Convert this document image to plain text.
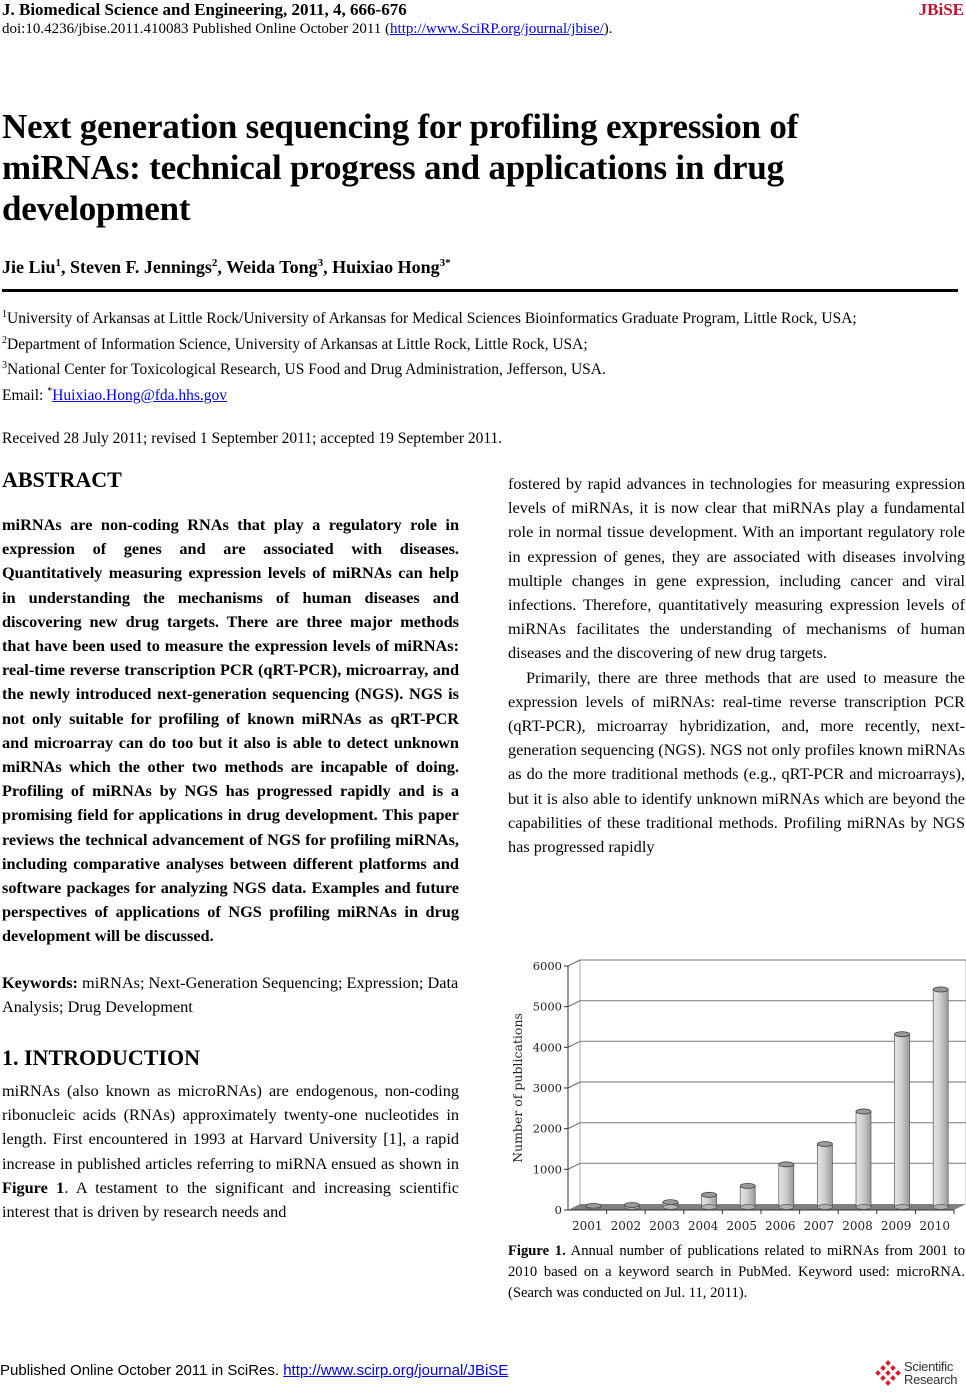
J. Biomedical Science and Engineering, 2011, 4, 666-676	JBiSE
doi:10.4236/jbise.2011.410083 Published Online October 2011 (http://www.SciRP.org/journal/jbise/).
Next generation sequencing for profiling expression of miRNAs: technical progress and applications in drug development
Jie Liu$^1$, Steven F. Jennings$^2$, Weida Tong$^3$, Huixiao Hong$^{3*}$
$^1$University of Arkansas at Little Rock/University of Arkansas for Medical Sciences Bioinformatics Graduate Program, Little Rock, USA;
$^2$Department of Information Science, University of Arkansas at Little Rock, Little Rock, USA;
$^3$National Center for Toxicological Research, US Food and Drug Administration, Jefferson, USA.
Email: *Huixiao.Hong@fda.hhs.gov
Received 28 July 2011; revised 1 September 2011; accepted 19 September 2011.
ABSTRACT
miRNAs are non-coding RNAs that play a regulatory role in expression of genes and are associated with diseases. Quantitatively measuring expression levels of miRNAs can help in understanding the mechanisms of human diseases and discovering new drug targets. There are three major methods that have been used to measure the expression levels of miRNAs: real-time reverse transcription PCR (qRT-PCR), microarray, and the newly introduced next-generation sequencing (NGS). NGS is not only suitable for profiling of known miRNAs as qRT-PCR and microarray can do too but it also is able to detect unknown miRNAs which the other two methods are incapable of doing. Profiling of miRNAs by NGS has progressed rapidly and is a promising field for applications in drug development. This paper reviews the technical advancement of NGS for profiling miRNAs, including comparative analyses between different platforms and software packages for analyzing NGS data. Examples and future perspectives of applications of NGS profiling miRNAs in drug development will be discussed.
Keywords: miRNAs; Next-Generation Sequencing; Expression; Data Analysis; Drug Development
1. INTRODUCTION
miRNAs (also known as microRNAs) are endogenous, non-coding ribonucleic acids (RNAs) approximately twenty-one nucleotides in length. First encountered in 1993 at Harvard University [1], a rapid increase in published articles referring to miRNA ensued as shown in Figure 1. A testament to the significant and increasing scientific interest that is driven by research needs and
fostered by rapid advances in technologies for measuring expression levels of miRNAs, it is now clear that miRNAs play a fundamental role in normal tissue development. With an important regulatory role in expression of genes, they are associated with diseases involving multiple changes in gene expression, including cancer and viral infections. Therefore, quantitatively measuring expression levels of miRNAs facilitates the understanding of mechanisms of human diseases and the discovering of new drug targets.
Primarily, there are three methods that are used to measure the expression levels of miRNAs: real-time reverse transcription PCR (qRT-PCR), microarray hybridization, and, more recently, next-generation sequencing (NGS). NGS not only profiles known miRNAs as do the more traditional methods (e.g., qRT-PCR and microarrays), but it is also able to identify unknown miRNAs which are beyond the capabilities of these traditional methods. Profiling miRNAs by NGS has progressed rapidly
0
1000
2000
3000
4000
5000
6000
2001 2002 2003 2004 2005 2006 2007 2008 2009 2010
Number of publications
Figure 1. Annual number of publications related to miRNAs from 2001 to 2010 based on a keyword search in PubMed. Keyword used: microRNA. (Search was conducted on Jul. 11, 2011).
Published Online October 2011 in SciRes. http://www.scirp.org/journal/JBiSE	Scientific
Research
